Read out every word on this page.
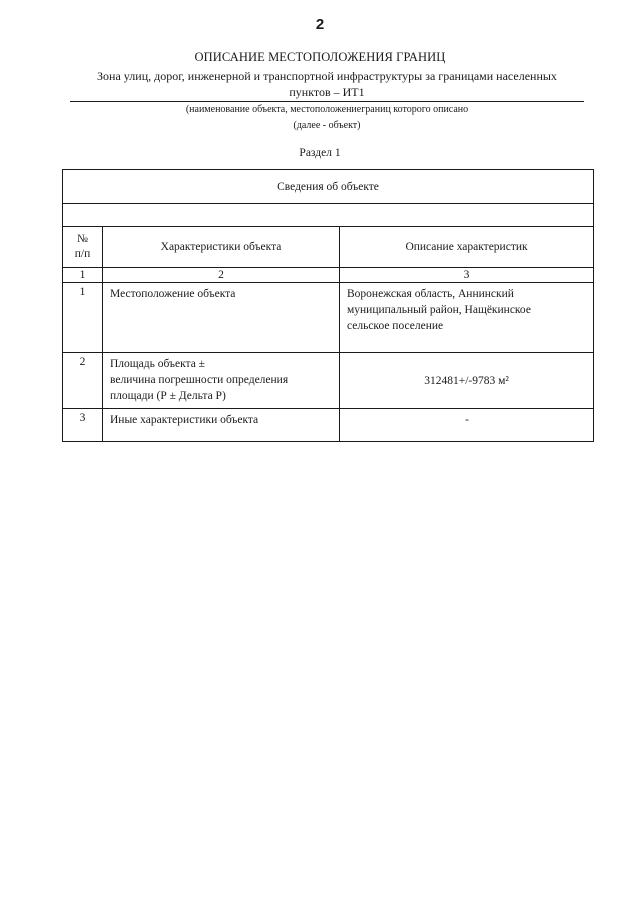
2
ОПИСАНИЕ МЕСТОПОЛОЖЕНИЯ ГРАНИЦ
Зона улиц, дорог, инженерной и транспортной инфраструктуры за границами населенных
пунктов – ИТ1
(наименование объекта, местоположениеграниц которого описано
(далее - объект)
Раздел 1
Сведения об объекте		

№
п/п	Характеристики объекта	Описание характеристик
1	2	3
1	Местоположение объекта	Воронежская область, Аннинский
муниципальный район, Нащёкинское
сельское поселение

2	Площадь объекта ±
величина погрешности определения
площади (Р ± Дельта Р)	312481+/-9783 м²
3	Иные характеристики объекта	-
